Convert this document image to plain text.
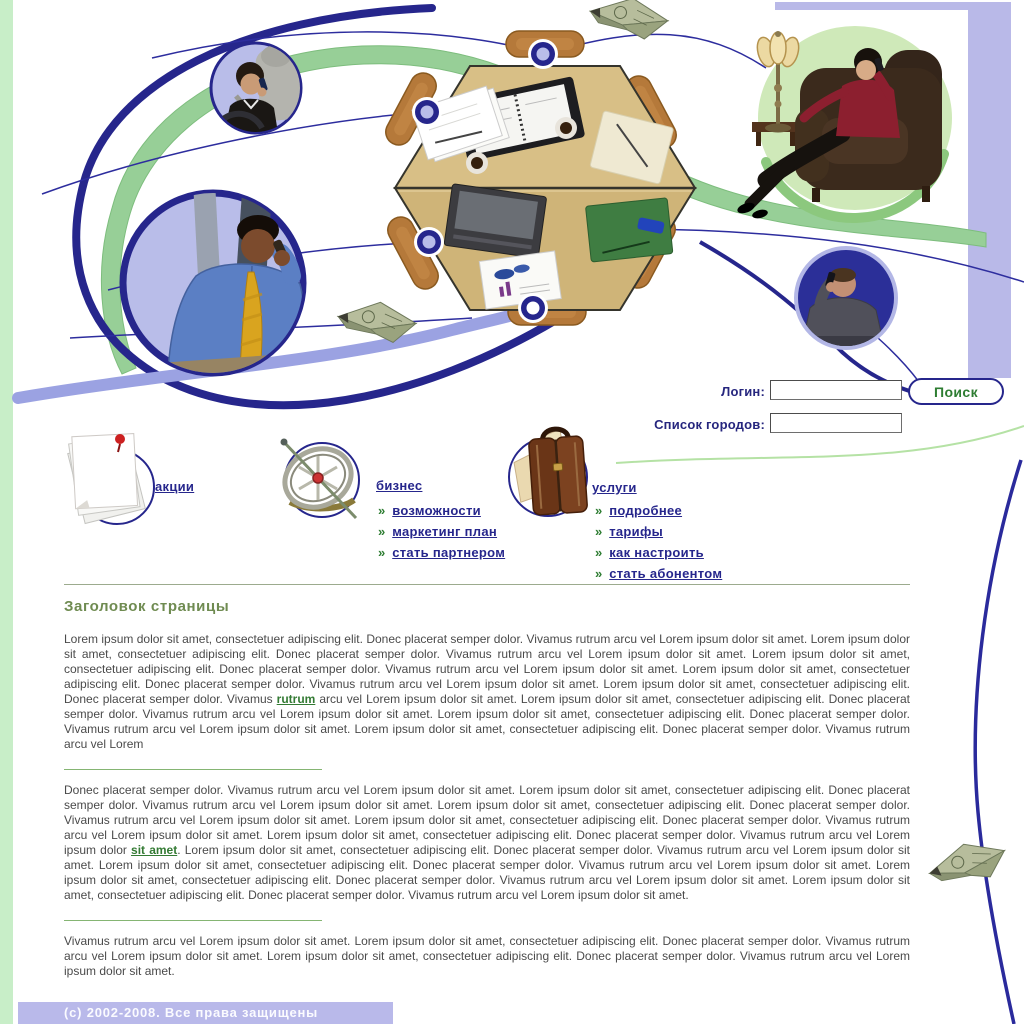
Логин:	Поиск
Список городов:
акции	бизнес
» возможности
» маркетинг план
» стать партнером
услуги
» подробнее
» тарифы
» как настроить
» стать абонентом
Заголовок страницы

Lorem ipsum dolor sit amet, consectetuer adipiscing elit. Donec placerat semper dolor. Vivamus rutrum arcu vel Lorem ipsum dolor sit amet. Lorem ipsum dolor sit amet, consectetuer adipiscing elit. Donec placerat semper dolor. Vivamus rutrum arcu vel Lorem ipsum dolor sit amet. Lorem ipsum dolor sit amet, consectetuer adipiscing elit. Donec placerat semper dolor. Vivamus rutrum arcu vel Lorem ipsum dolor sit amet. Lorem ipsum dolor sit amet, consectetuer adipiscing elit. Donec placerat semper dolor. Vivamus rutrum arcu vel Lorem ipsum dolor sit amet. Lorem ipsum dolor sit amet, consectetuer adipiscing elit. Donec placerat semper dolor. Vivamus rutrum arcu vel Lorem ipsum dolor sit amet. Lorem ipsum dolor sit amet, consectetuer adipiscing elit. Donec placerat semper dolor. Vivamus rutrum arcu vel Lorem ipsum dolor sit amet. Lorem ipsum dolor sit amet, consectetuer adipiscing elit. Donec placerat semper dolor. Vivamus rutrum arcu vel Lorem ipsum dolor sit amet. Lorem ipsum dolor sit amet, consectetuer adipiscing elit. Donec placerat semper dolor. Vivamus rutrum arcu vel Lorem

Donec placerat semper dolor. Vivamus rutrum arcu vel Lorem ipsum dolor sit amet. Lorem ipsum dolor sit amet, consectetuer adipiscing elit. Donec placerat semper dolor. Vivamus rutrum arcu vel Lorem ipsum dolor sit amet. Lorem ipsum dolor sit amet, consectetuer adipiscing elit. Donec placerat semper dolor. Vivamus rutrum arcu vel Lorem ipsum dolor sit amet. Lorem ipsum dolor sit amet, consectetuer adipiscing elit. Donec placerat semper dolor. Vivamus rutrum arcu vel Lorem ipsum dolor sit amet. Lorem ipsum dolor sit amet, consectetuer adipiscing elit. Donec placerat semper dolor. Vivamus rutrum arcu vel Lorem ipsum dolor sit amet. Lorem ipsum dolor sit amet, consectetuer adipiscing elit. Donec placerat semper dolor. Vivamus rutrum arcu vel Lorem ipsum dolor sit amet. Lorem ipsum dolor sit amet, consectetuer adipiscing elit. Donec placerat semper dolor. Vivamus rutrum arcu vel Lorem ipsum dolor sit amet. Lorem ipsum dolor sit amet, consectetuer adipiscing elit. Donec placerat semper dolor. Vivamus rutrum arcu vel Lorem ipsum dolor sit amet. Lorem ipsum dolor sit amet, consectetuer adipiscing elit. Donec placerat semper dolor. Vivamus rutrum arcu vel Lorem ipsum dolor sit amet.

Vivamus rutrum arcu vel Lorem ipsum dolor sit amet. Lorem ipsum dolor sit amet, consectetuer adipiscing elit. Donec placerat semper dolor. Vivamus rutrum arcu vel Lorem ipsum dolor sit amet. Lorem ipsum dolor sit amet, consectetuer adipiscing elit. Donec placerat semper dolor. Vivamus rutrum arcu vel Lorem ipsum dolor sit amet.

(c) 2002-2008. Все права защищены
